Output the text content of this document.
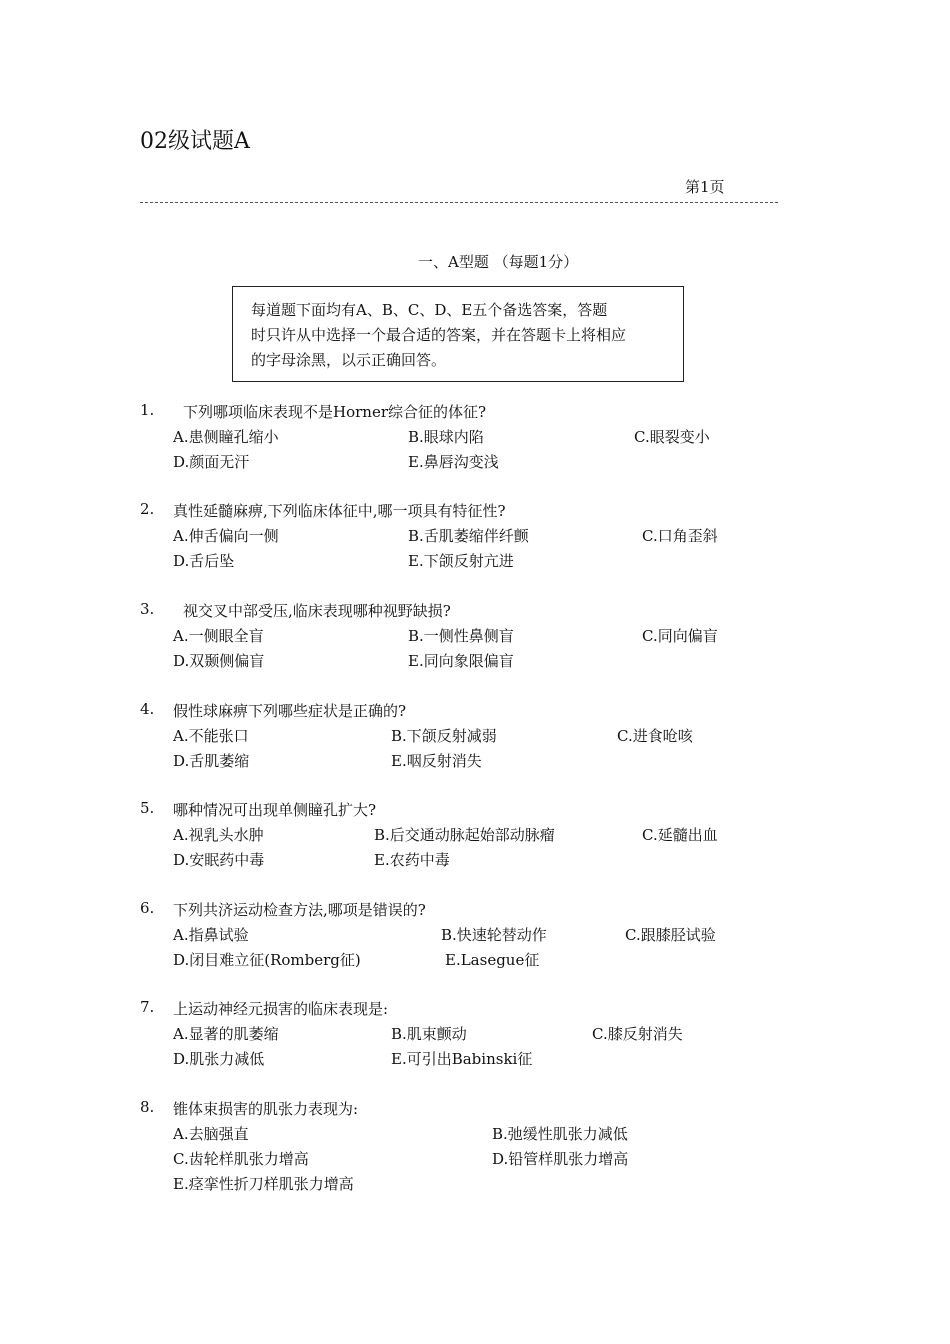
02级试题A
第1页
一、A型题 （每题1分）
每道题下面均有A、B、C、D、E五个备选答案，答题
时只许从中选择一个最合适的答案，并在答题卡上将相应
的字母涂黑，以示正确回答。
1. 下列哪项临床表现不是Horner综合征的体征?
A.患侧瞳孔缩小	B.眼球内陷	C.眼裂变小
D.颜面无汗	E.鼻唇沟变浅
2. 真性延髓麻痹,下列临床体征中,哪一项具有特征性?
A.伸舌偏向一侧	B.舌肌萎缩伴纤颤	C.口角歪斜
D.舌后坠	E.下颌反射亢进
3. 视交叉中部受压,临床表现哪种视野缺损?
A.一侧眼全盲	B.一侧性鼻侧盲	C.同向偏盲
D.双颞侧偏盲	E.同向象限偏盲
4. 假性球麻痹下列哪些症状是正确的?
A.不能张口	B.下颌反射减弱	C.进食呛咳
D.舌肌萎缩	E.咽反射消失
5. 哪种情况可出现单侧瞳孔扩大?
A.视乳头水肿	B.后交通动脉起始部动脉瘤	C.延髓出血
D.安眠药中毒	E.农药中毒
6. 下列共济运动检查方法,哪项是错误的?
A.指鼻试验	B.快速轮替动作	C.跟膝胫试验
D.闭目难立征(Romberg征)	E.Lasegue征
7. 上运动神经元损害的临床表现是:
A.显著的肌萎缩	B.肌束颤动	C.膝反射消失
D.肌张力减低	E.可引出Babinski征
8. 锥体束损害的肌张力表现为:
A.去脑强直	B.弛缓性肌张力减低
C.齿轮样肌张力增高	D.铅管样肌张力增高
E.痉挛性折刀样肌张力增高
